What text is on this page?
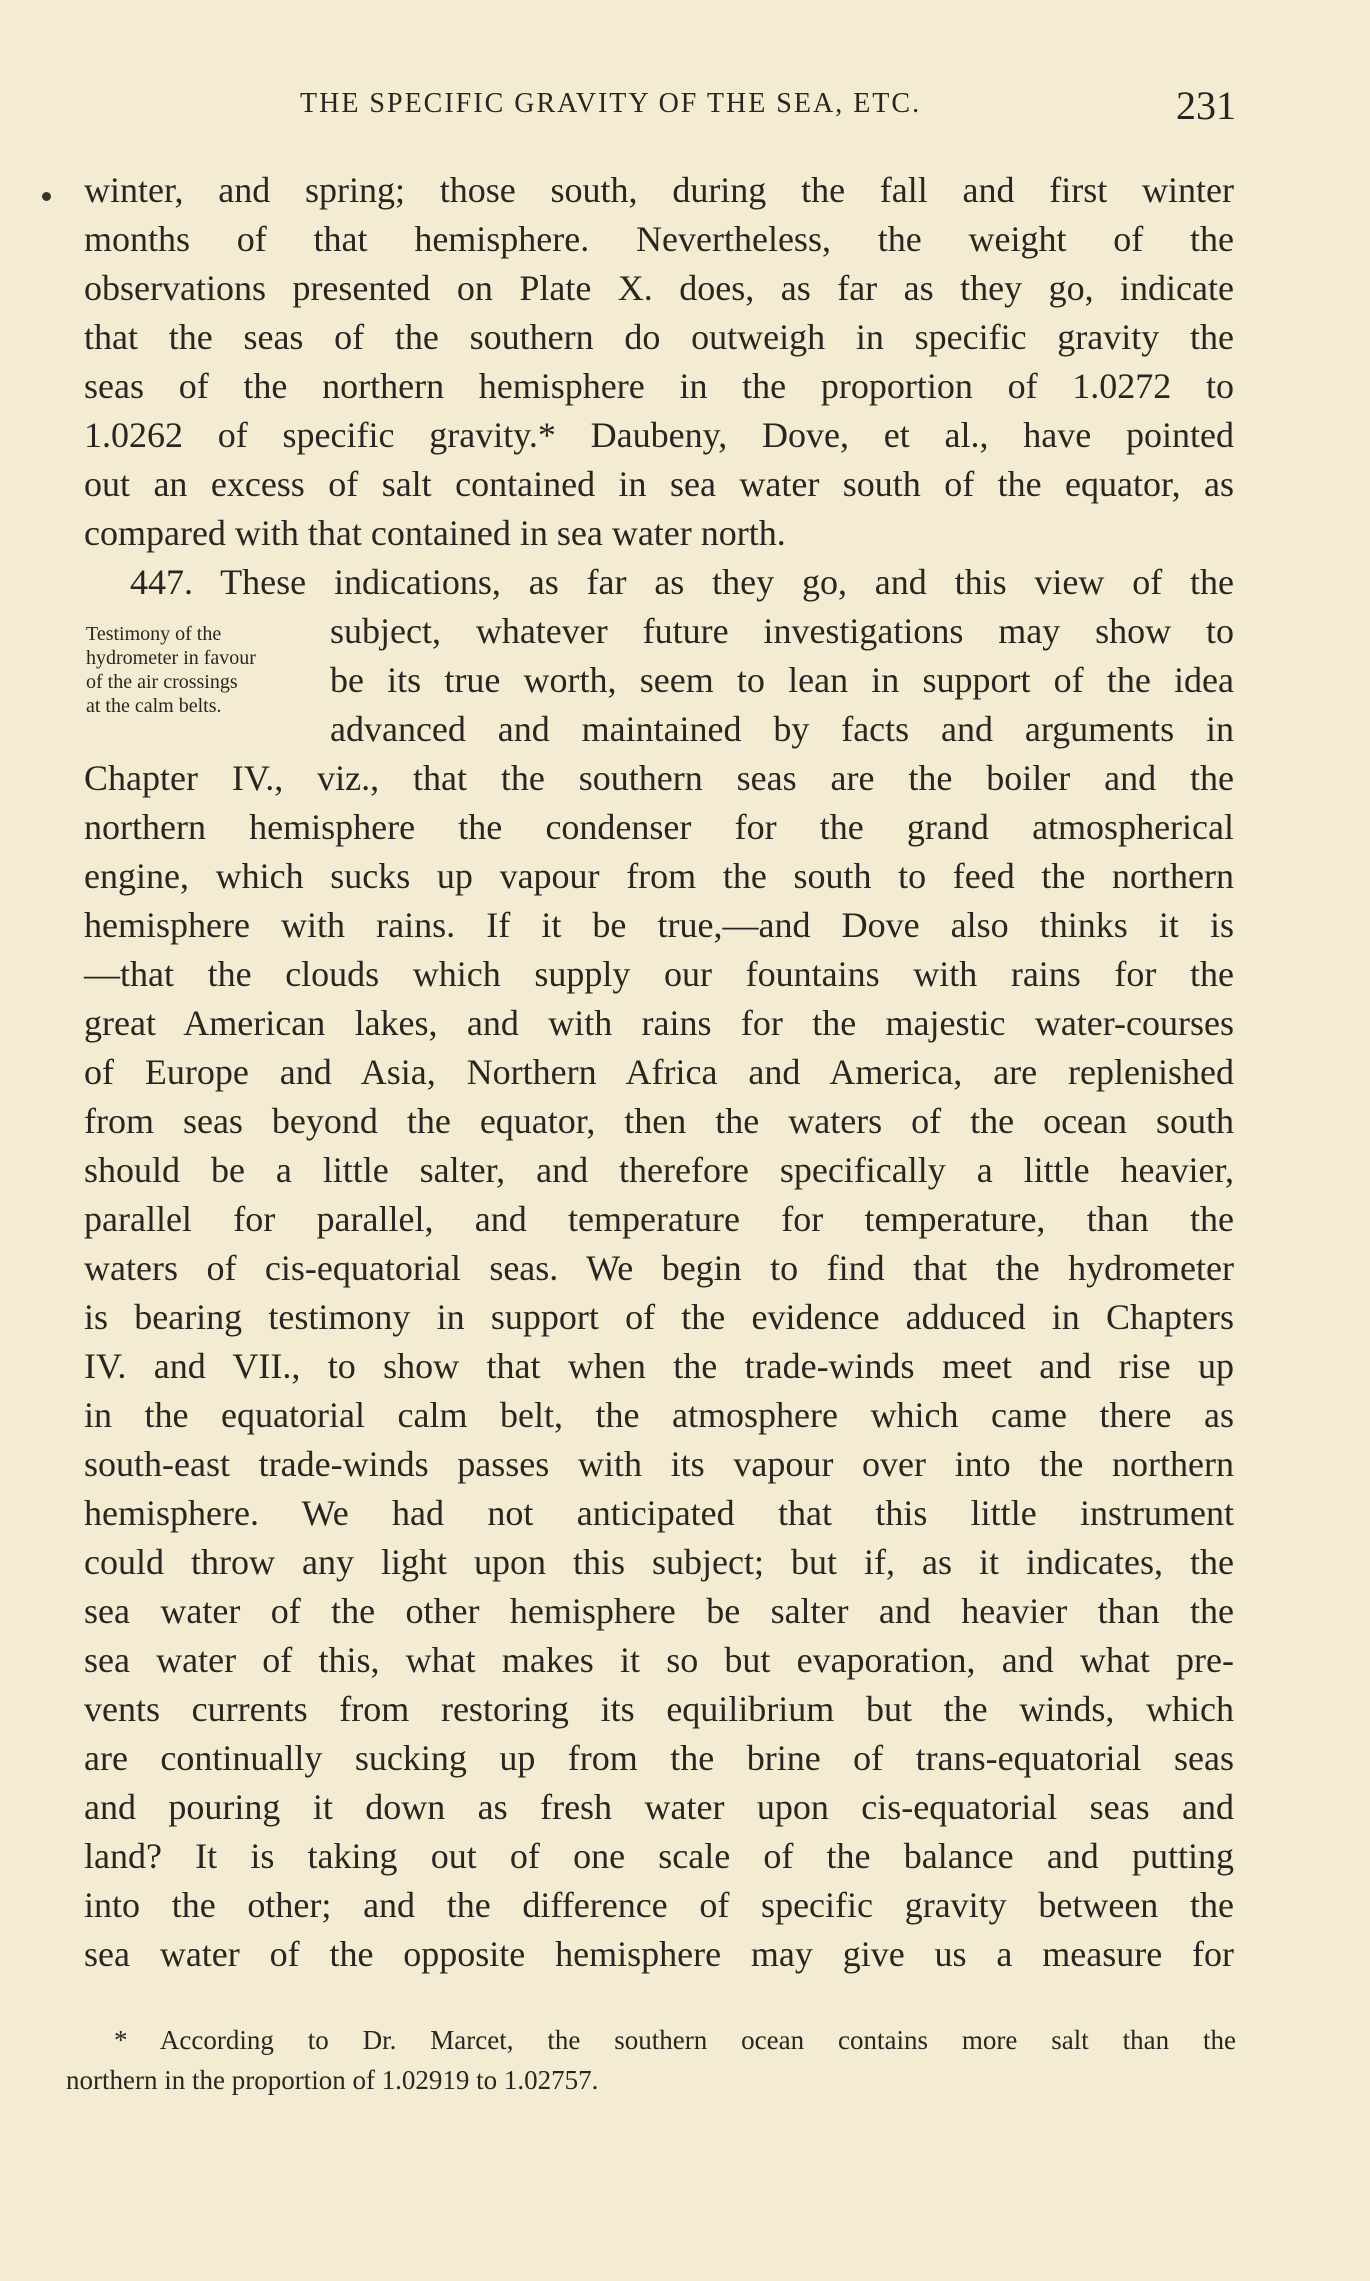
THE SPECIFIC GRAVITY OF THE SEA, ETC.	231
Testimony of the
hydrometer in favour
of the air crossings
at the calm belts.
winter, and spring; those south, during the fall and first winter
months of that hemisphere. Nevertheless, the weight of the
observations presented on Plate X. does, as far as they go, indicate
that the seas of the southern do outweigh in specific gravity the
seas of the northern hemisphere in the proportion of 1.0272 to
1.0262 of specific gravity.* Daubeny, Dove, et al., have pointed
out an excess of salt contained in sea water south of the equator, as
compared with that contained in sea water north.
447. These indications, as far as they go, and this view of the
subject, whatever future investigations may show to
be its true worth, seem to lean in support of the idea
advanced and maintained by facts and arguments in
Chapter IV., viz., that the southern seas are the boiler and the
northern hemisphere the condenser for the grand atmospherical
engine, which sucks up vapour from the south to feed the northern
hemisphere with rains. If it be true,—and Dove also thinks it is
—that the clouds which supply our fountains with rains for the
great American lakes, and with rains for the majestic water-courses
of Europe and Asia, Northern Africa and America, are replenished
from seas beyond the equator, then the waters of the ocean south
should be a little salter, and therefore specifically a little heavier,
parallel for parallel, and temperature for temperature, than the
waters of cis-equatorial seas. We begin to find that the hydrometer
is bearing testimony in support of the evidence adduced in Chapters
IV. and VII., to show that when the trade-winds meet and rise up
in the equatorial calm belt, the atmosphere which came there as
south-east trade-winds passes with its vapour over into the northern
hemisphere. We had not anticipated that this little instrument
could throw any light upon this subject; but if, as it indicates, the
sea water of the other hemisphere be salter and heavier than the
sea water of this, what makes it so but evaporation, and what pre-
vents currents from restoring its equilibrium but the winds, which
are continually sucking up from the brine of trans-equatorial seas
and pouring it down as fresh water upon cis-equatorial seas and
land? It is taking out of one scale of the balance and putting
into the other; and the difference of specific gravity between the
sea water of the opposite hemisphere may give us a measure for
* According to Dr. Marcet, the southern ocean contains more salt than the
northern in the proportion of 1.02919 to 1.02757.
